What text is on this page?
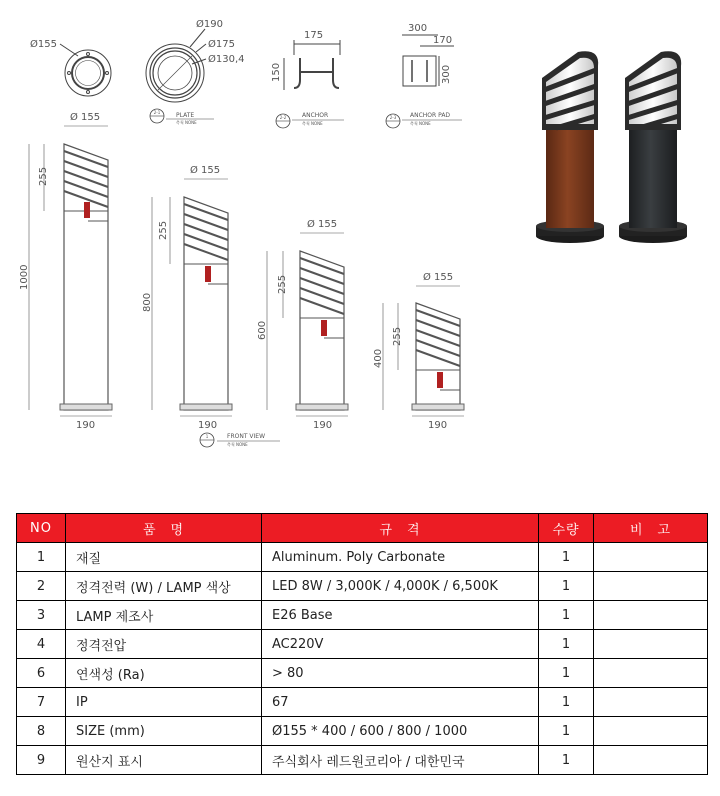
Ø155
Ø190
Ø175
Ø130,4
2-1	PLATE
축척 NONE
175
150
2-2	ANCHOR
축척 NONE
300
170
300
2-3 ANCHOR PAD
축척 NONE
Ø 155
255
1000
190
Ø 155
255
800
190
Ø 155
255
600
190
Ø 155
255
400
190
1	FRONT VIEW
축척 NONE
NO	품　명	규　격	수량	비　고
1	재질	Aluminum. Poly Carbonate	1	
2	정격전력 (W) / LAMP 색상	LED 8W / 3,000K / 4,000K / 6,500K	1	
3	LAMP 제조사	E26 Base	1	
4	정격전압	AC220V	1	
6	연색성 (Ra)	> 80	1	
7	IP	67	1	
8	SIZE (mm)	Ø155 * 400 / 600 / 800 / 1000	1	
9	원산지 표시	주식회사 레드원코리아 / 대한민국	1	
